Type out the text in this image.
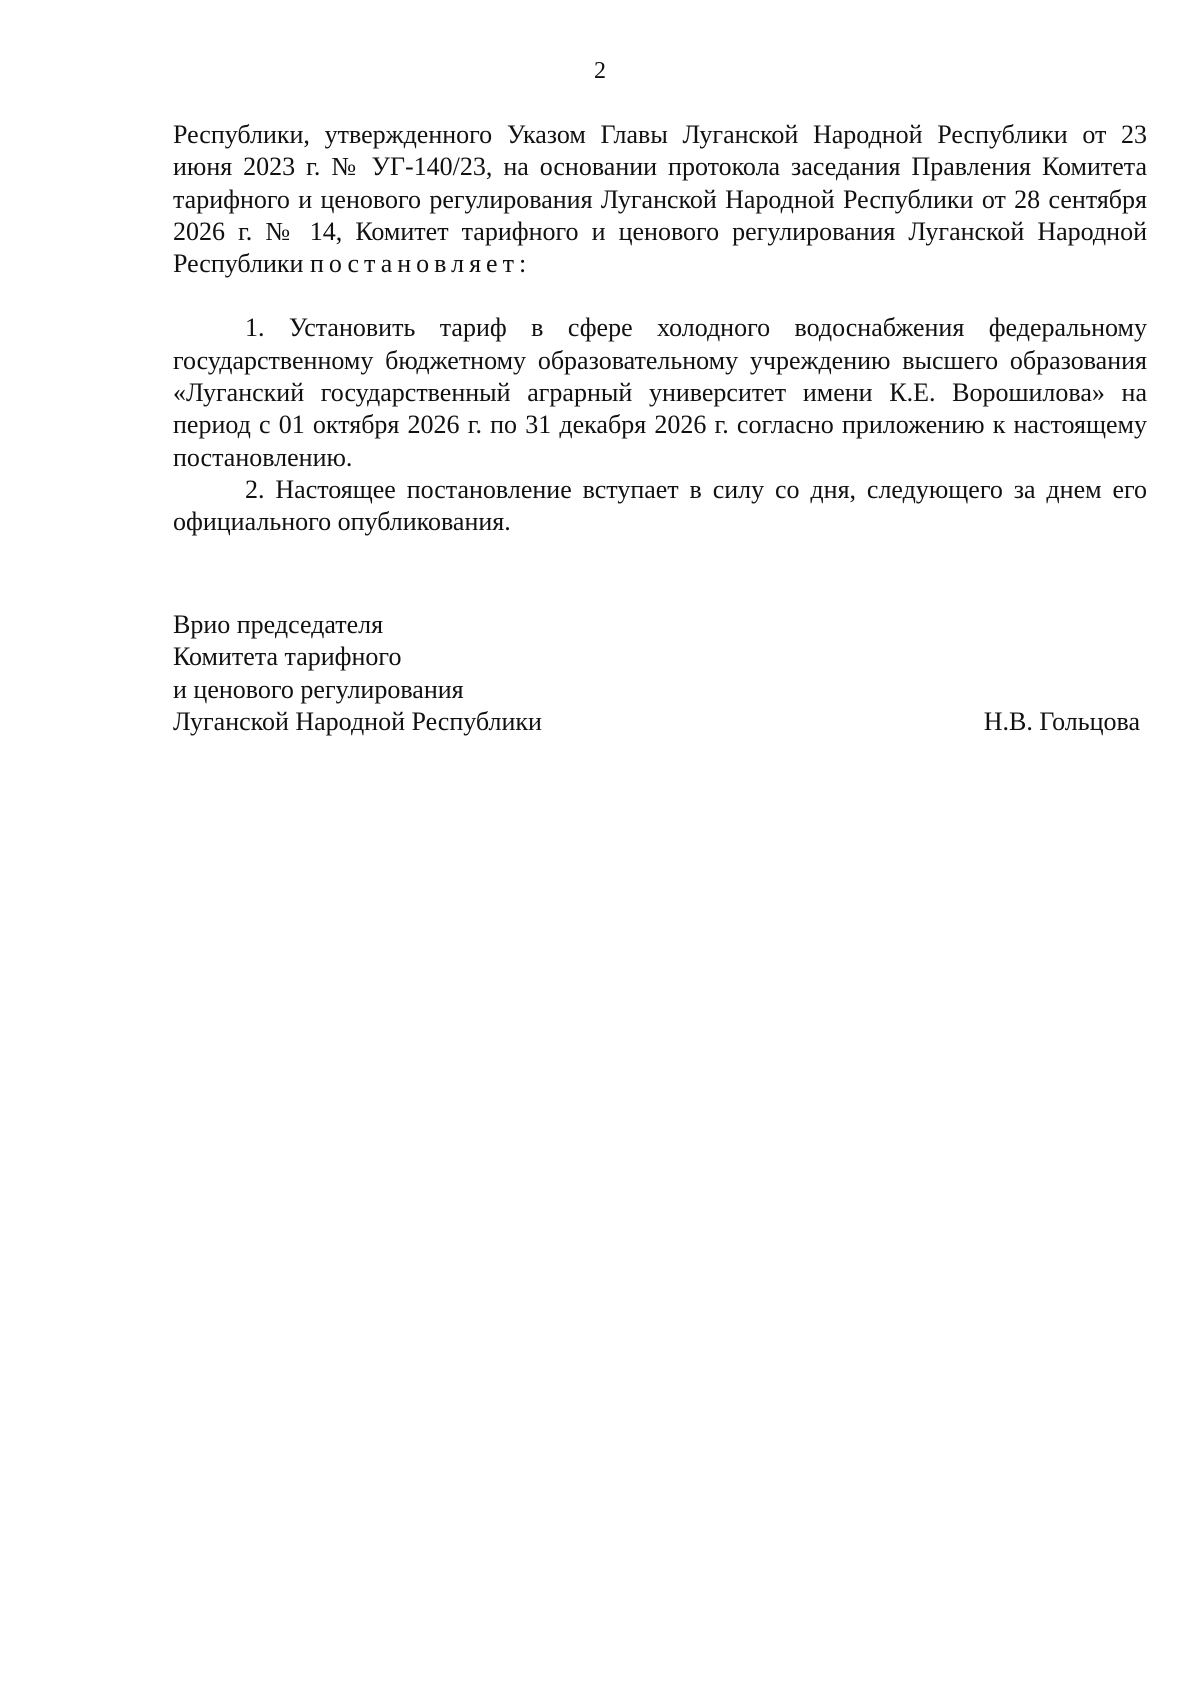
2

Республики, утвержденного Указом Главы Луганской Народной Республики от 23 июня 2023 г. № УГ-140/23, на основании протокола заседания Правления Комитета тарифного и ценового регулирования Луганской Народной Республики от 28 сентября 2026 г. № 14, Комитет тарифного и ценового регулирования Луганской Народной Республики постановляет:

1. Установить тариф в сфере холодного водоснабжения федеральному государственному бюджетному образовательному учреждению высшего образования «Луганский государственный аграрный университет имени К.Е. Ворошилова» на период с 01 октября 2026 г. по 31 декабря 2026 г. согласно приложению к настоящему постановлению.

2. Настоящее постановление вступает в силу со дня, следующего за днем его официального опубликования.

Врио председателя

Комитета тарифного

и ценового регулирования

Луганской Народной Республики	Н.В. Гольцова
